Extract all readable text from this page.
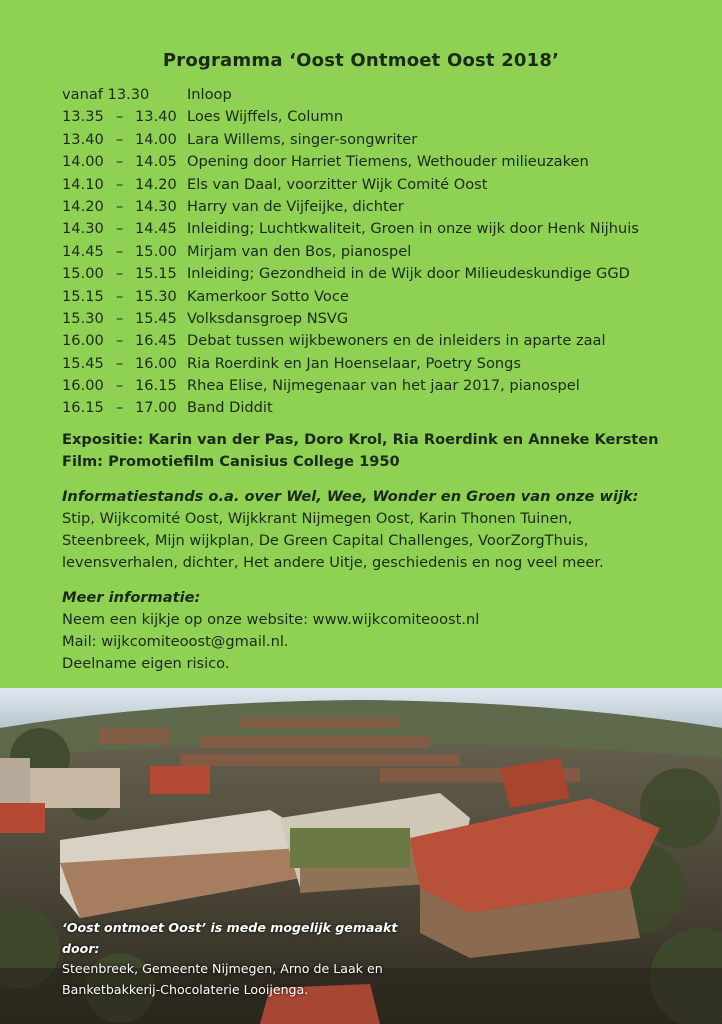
Programma ‘Oost Ontmoet Oost 2018’
vanaf 13.30	Inloop
13.35 – 13.40 Loes Wijffels, Column
13.40 – 14.00 Lara Willems, singer-songwriter
14.00 – 14.05 Opening door Harriet Tiemens, Wethouder milieuzaken
14.10 – 14.20 Els van Daal, voorzitter Wijk Comité Oost
14.20 – 14.30 Harry van de Vijfeijke, dichter
14.30 – 14.45 Inleiding; Luchtkwaliteit, Groen in onze wijk door Henk Nijhuis
14.45 – 15.00 Mirjam van den Bos, pianospel
15.00 – 15.15 Inleiding; Gezondheid in de Wijk door Milieudeskundige GGD
15.15 – 15.30 Kamerkoor Sotto Voce
15.30 – 15.45 Volksdansgroep NSVG
16.00 – 16.45 Debat tussen wijkbewoners en de inleiders in aparte zaal
15.45 – 16.00 Ria Roerdink en Jan Hoenselaar, Poetry Songs
16.00 – 16.15 Rhea Elise, Nijmegenaar van het jaar 2017, pianospel
16.15 – 17.00 Band Diddit
Expositie: Karin van der Pas, Doro Krol, Ria Roerdink en Anneke Kersten
Film: Promotiefilm Canisius College 1950
Informatiestands o.a. over Wel, Wee, Wonder en Groen van onze wijk:
Stip, Wijkcomité Oost, Wijkkrant Nijmegen Oost, Karin Thonen Tuinen,
Steenbreek, Mijn wijkplan, De Green Capital Challenges, VoorZorgThuis,
levensverhalen, dichter, Het andere Uitje, geschiedenis en nog veel meer.
Meer informatie:
Neem een kijkje op onze website: www.wijkcomiteoost.nl
Mail: wijkcomiteoost@gmail.nl.
Deelname eigen risico.
‘Oost ontmoet Oost’ is mede mogelijk gemaakt door:
Steenbreek, Gemeente Nijmegen, Arno de Laak en
Banketbakkerij-Chocolaterie Looijenga.
